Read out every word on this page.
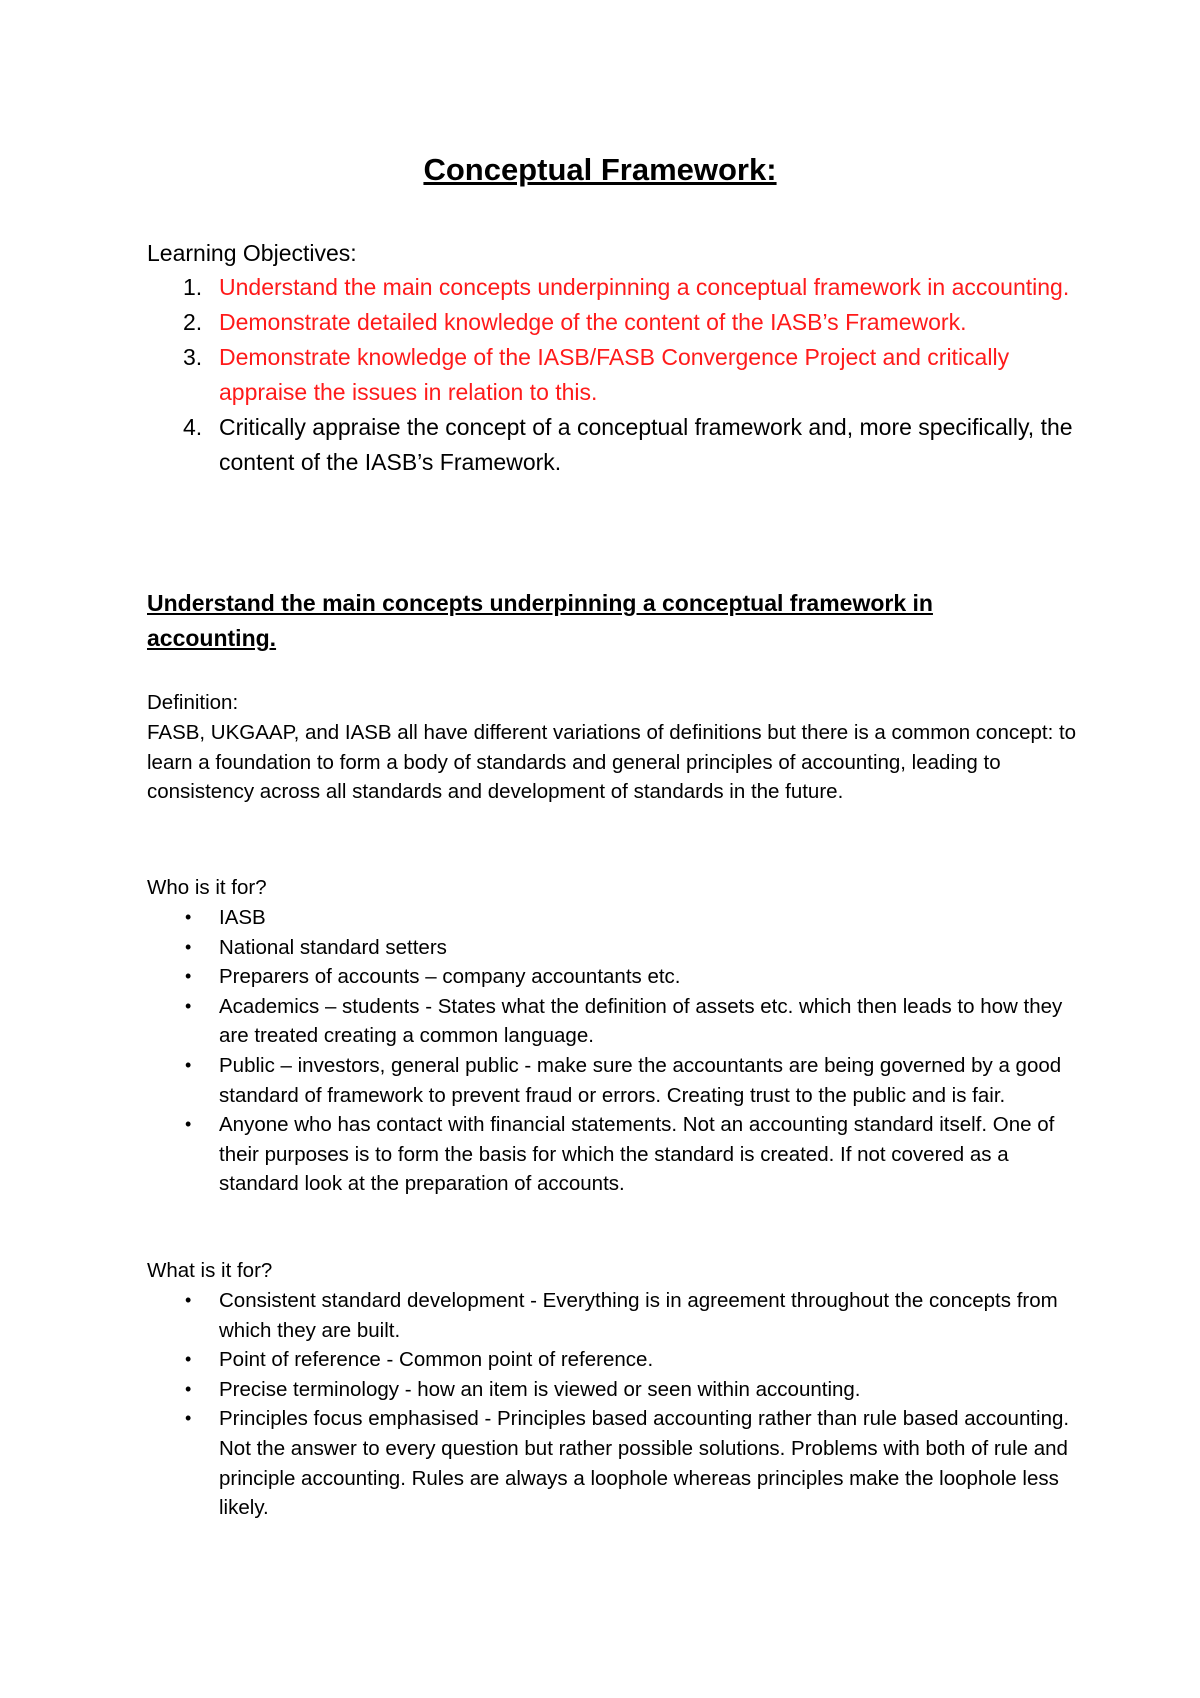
Conceptual Framework:

Learning Objectives:

1. Understand the main concepts underpinning a conceptual framework in accounting.
2. Demonstrate detailed knowledge of the content of the IASB’s Framework.
3. Demonstrate knowledge of the IASB/FASB Convergence Project and critically appraise the issues in relation to this.
4. Critically appraise the concept of a conceptual framework and, more specifically, the content of the IASB’s Framework.
Understand the main concepts underpinning a conceptual framework in accounting.

Definition:

FASB, UKGAAP, and IASB all have different variations of definitions but there is a common concept: to learn a foundation to form a body of standards and general principles of accounting, leading to consistency across all standards and development of standards in the future.

Who is it for?

• IASB
• National standard setters
• Preparers of accounts – company accountants etc.
• Academics – students - States what the definition of assets etc. which then leads to how they are treated creating a common language.
• Public – investors, general public - make sure the accountants are being governed by a good standard of framework to prevent fraud or errors. Creating trust to the public and is fair.
• Anyone who has contact with financial statements. Not an accounting standard itself. One of their purposes is to form the basis for which the standard is created. If not covered as a standard look at the preparation of accounts.

What is it for?

• Consistent standard development - Everything is in agreement throughout the concepts from which they are built.
• Point of reference - Common point of reference.
• Precise terminology - how an item is viewed or seen within accounting.
• Principles focus emphasised - Principles based accounting rather than rule based accounting. Not the answer to every question but rather possible solutions. Problems with both of rule and principle accounting. Rules are always a loophole whereas principles make the loophole less likely.
